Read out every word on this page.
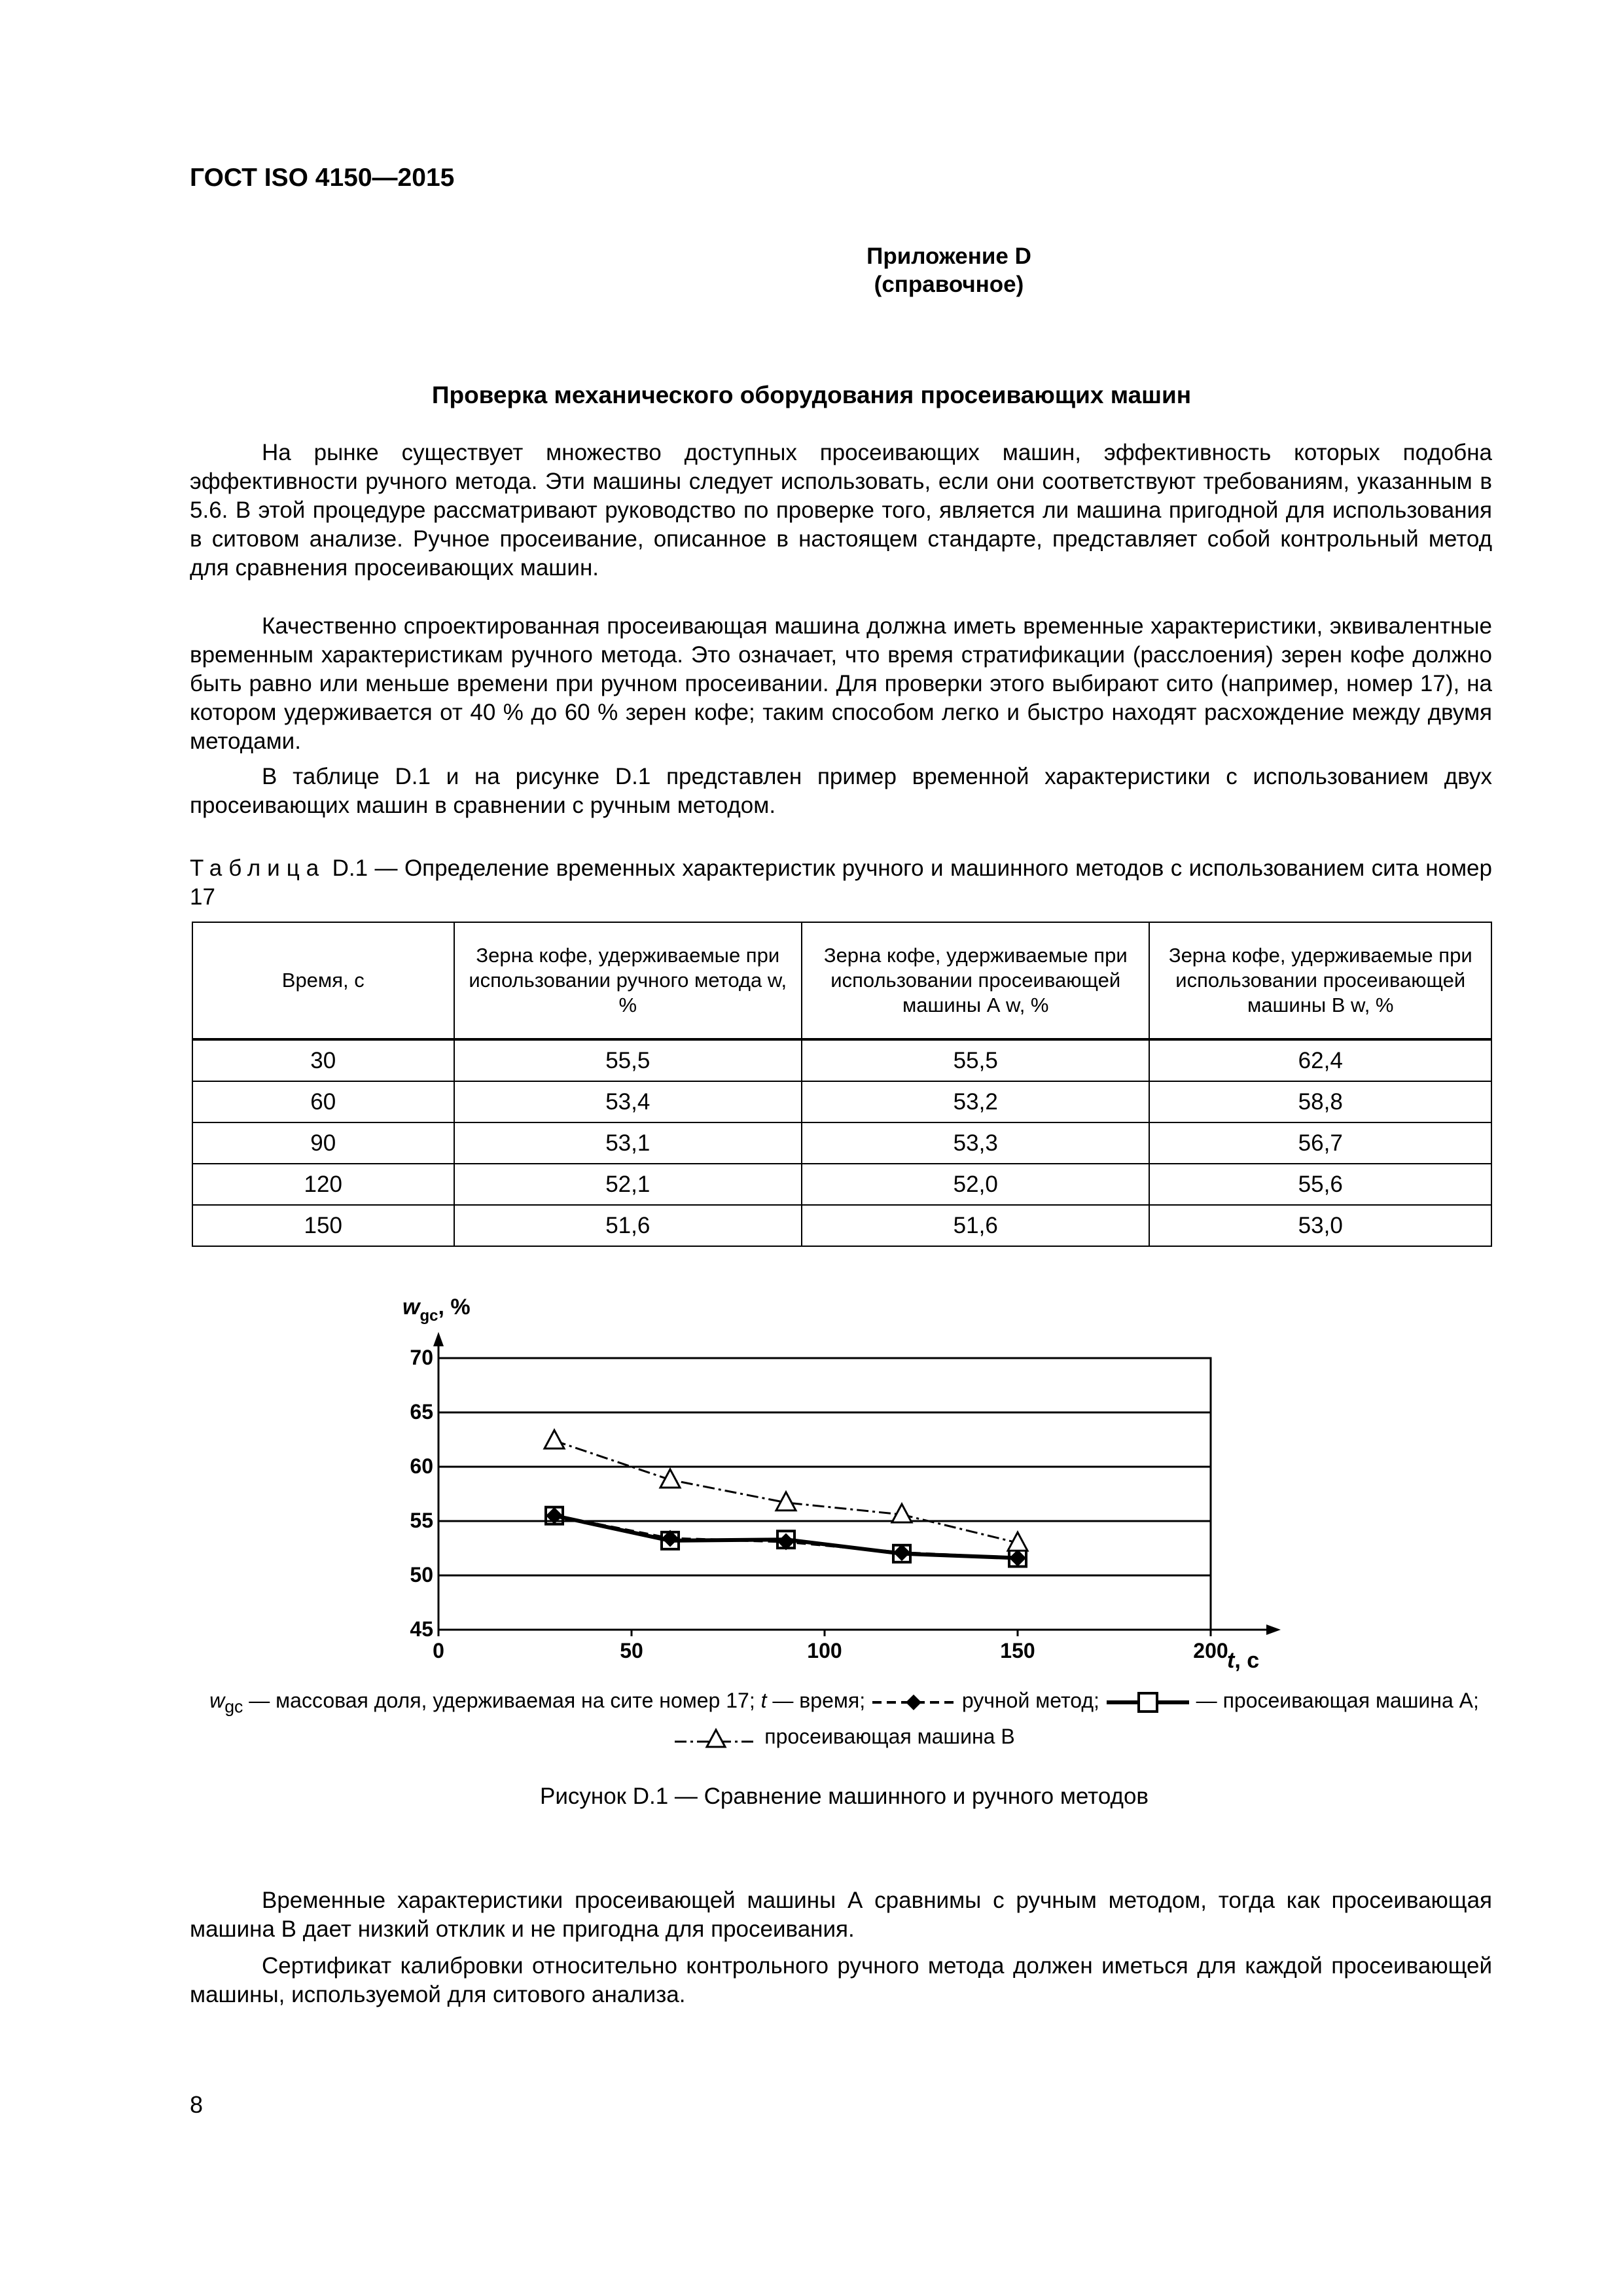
ГОСТ ISO 4150—2015
Приложение D
(справочное)
Проверка механического оборудования просеивающих машин

На рынке существует множество доступных просеивающих машин, эффективность которых подобна эффективности ручного метода. Эти машины следует использовать, если они соответствуют требованиям, указанным в 5.6. В этой процедуре рассматривают руководство по проверке того, является ли машина пригодной для использования в ситовом анализе. Ручное просеивание, описанное в настоящем стандарте, представляет собой контрольный метод для сравнения просеивающих машин.

Качественно спроектированная просеивающая машина должна иметь временные характеристики, эквивалентные временным характеристикам ручного метода. Это означает, что время стратификации (расслоения) зерен кофе должно быть равно или меньше времени при ручном просеивании. Для проверки этого выбирают сито (например, номер 17), на котором удерживается от 40 % до 60 % зерен кофе; таким способом легко и быстро находят расхождение между двумя методами.

В таблице D.1 и на рисунке D.1 представлен пример временной характеристики с использованием двух просеивающих машин в сравнении с ручным методом.

Таблица D.1 — Определение временных характеристик ручного и машинного методов с использованием сита номер 17
Время, с	Зерна кофе, удерживаемые при использовании ручного метода w, %	Зерна кофе, удерживаемые при использовании просеивающей машины А w, %	Зерна кофе, удерживаемые при использовании просеивающей машины В w, %
30	55,5	55,5	62,4
60	53,4	53,2	58,8
90	53,1	53,3	56,7
120	52,1	52,0	55,6
150	51,6	51,6	53,0
45
50
55
60
65
70
0	50	100	150	200
$w_{gc}$, %
t, с
$w_{gc}$ — массовая доля, удерживаемая на сите номер 17; t — время;	ручной метод;	— просеивающая машина А;  просеивающая машина В
Рисунок D.1 — Сравнение машинного и ручного методов

Временные характеристики просеивающей машины А сравнимы с ручным методом, тогда как просеивающая машина В дает низкий отклик и не пригодна для просеивания.

Сертификат калибровки относительно контрольного ручного метода должен иметься для каждой просеивающей машины, используемой для ситового анализа.

8
